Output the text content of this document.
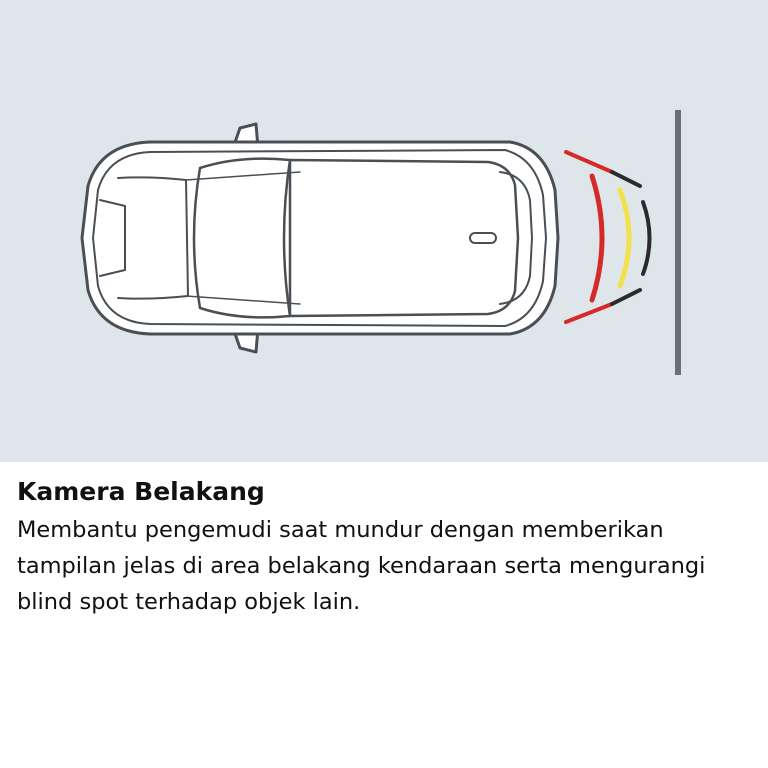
Kamera Belakang

Membantu pengemudi saat mundur dengan memberikan tampilan jelas di area belakang kendaraan serta mengurangi blind spot terhadap objek lain.
